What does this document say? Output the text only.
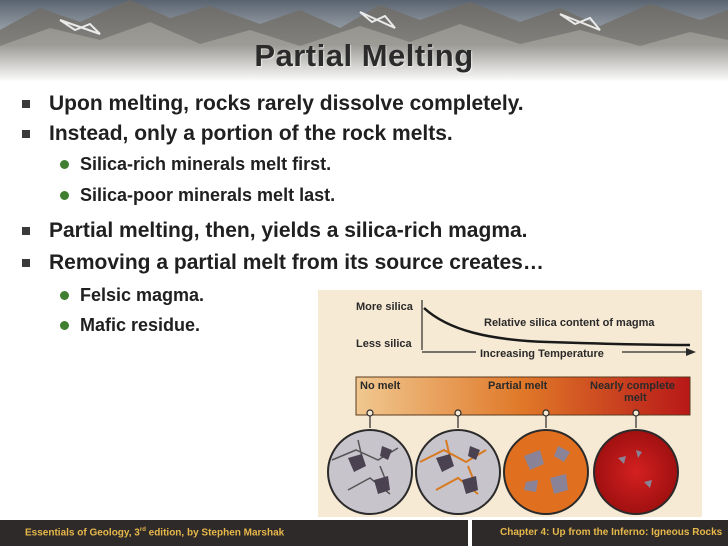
Partial Melting
Upon melting, rocks rarely dissolve completely.
Instead, only a portion of the rock melts.
Silica-rich minerals melt first.
Silica-poor minerals melt last.
Partial melting, then, yields a silica-rich magma.
Removing a partial melt from its source creates…
Felsic magma.
Mafic residue.
More silica
Less silica
Relative silica content of magma
Increasing Temperature
No melt	Partial melt	Nearly complete
melt
Essentials of Geology, 3rd edition, by Stephen Marshak	Chapter 4: Up from the Inferno: Igneous Rocks
